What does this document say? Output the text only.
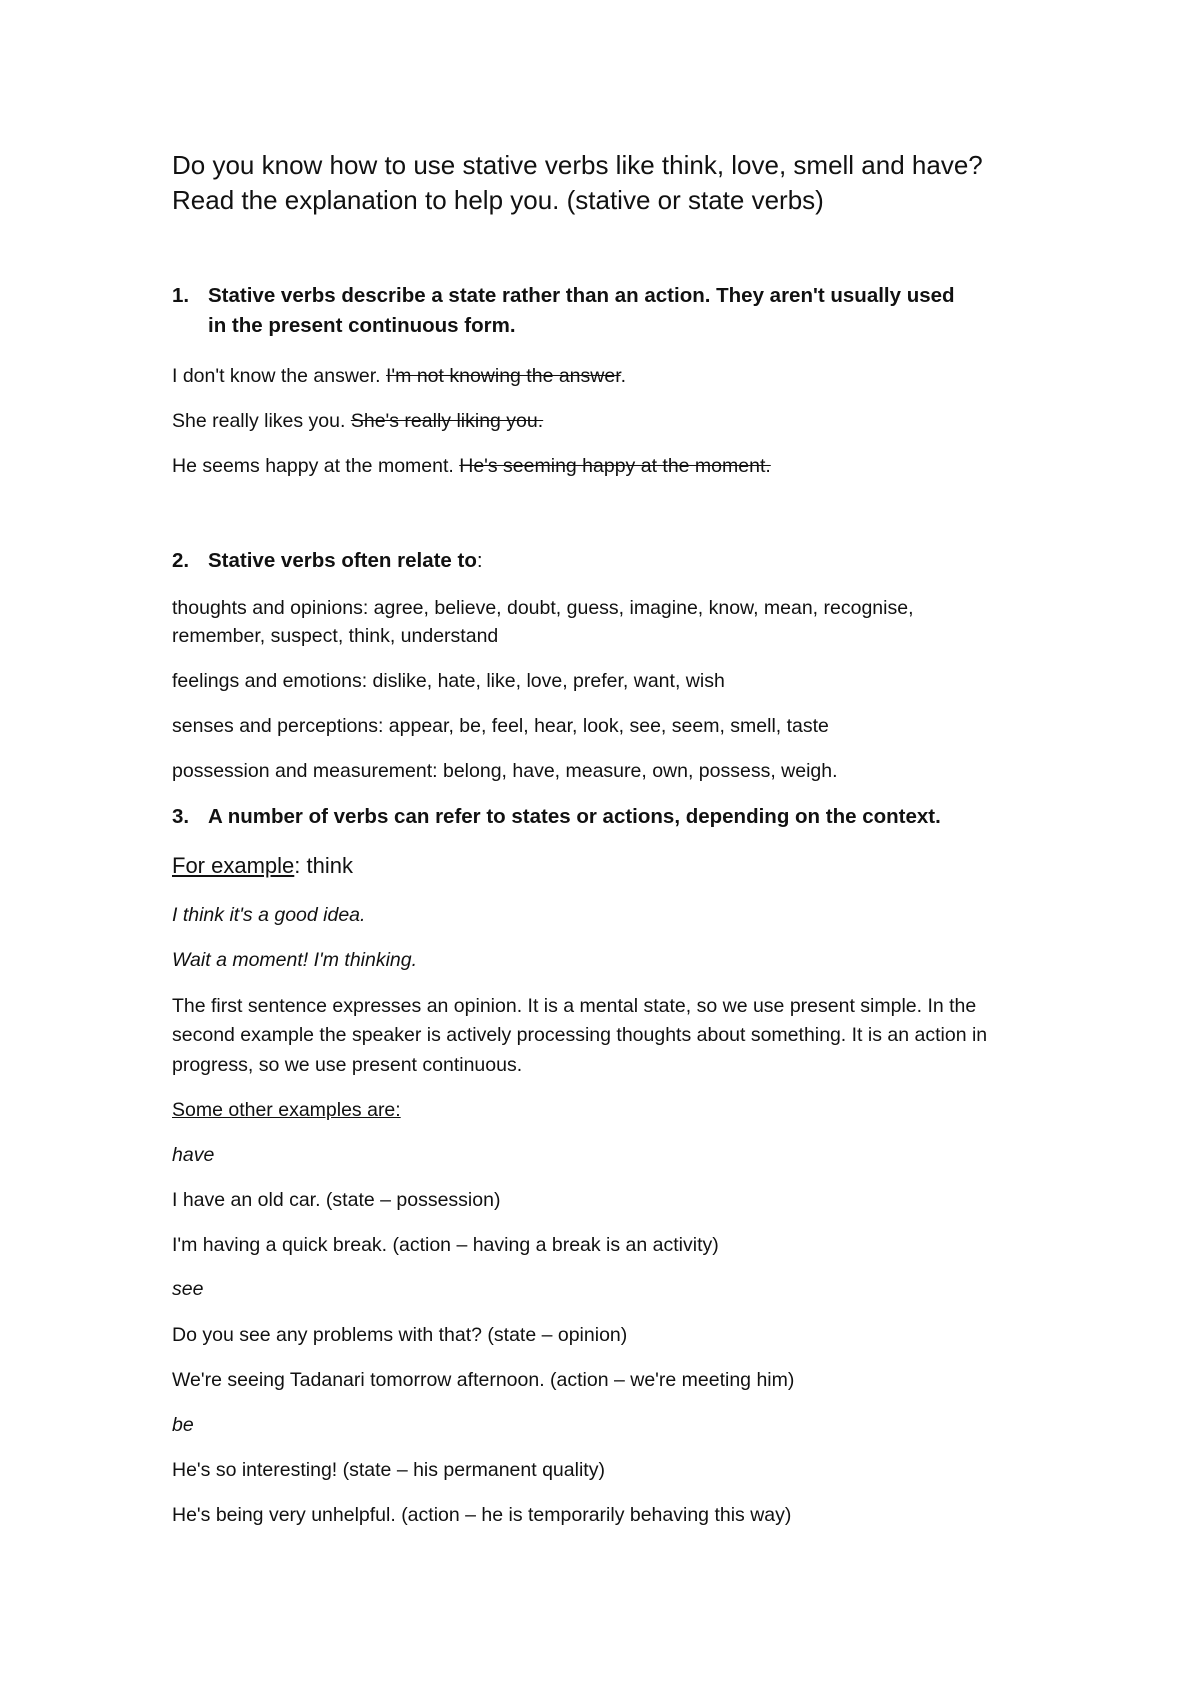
Do you know how to use stative verbs like think, love, smell and have?

Read the explanation to help you. (stative or state verbs)

1. Stative verbs describe a state rather than an action. They aren't usually used

in the present continuous form.

I don't know the answer. I'm not knowing the answer.

She really likes you. She's really liking you.

He seems happy at the moment. He's seeming happy at the moment.

2. Stative verbs often relate to:

thoughts and opinions: agree, believe, doubt, guess, imagine, know, mean, recognise,

remember, suspect, think, understand

feelings and emotions: dislike, hate, like, love, prefer, want, wish

senses and perceptions: appear, be, feel, hear, look, see, seem, smell, taste

possession and measurement: belong, have, measure, own, possess, weigh.

3. A number of verbs can refer to states or actions, depending on the context.

For example: think

I think it's a good idea.

Wait a moment! I'm thinking.

The first sentence expresses an opinion. It is a mental state, so we use present simple. In the

second example the speaker is actively processing thoughts about something. It is an action in

progress, so we use present continuous.

Some other examples are:

have

I have an old car. (state – possession)

I'm having a quick break. (action – having a break is an activity)

see

Do you see any problems with that? (state – opinion)

We're seeing Tadanari tomorrow afternoon. (action – we're meeting him)

be

He's so interesting! (state – his permanent quality)

He's being very unhelpful. (action – he is temporarily behaving this way)
